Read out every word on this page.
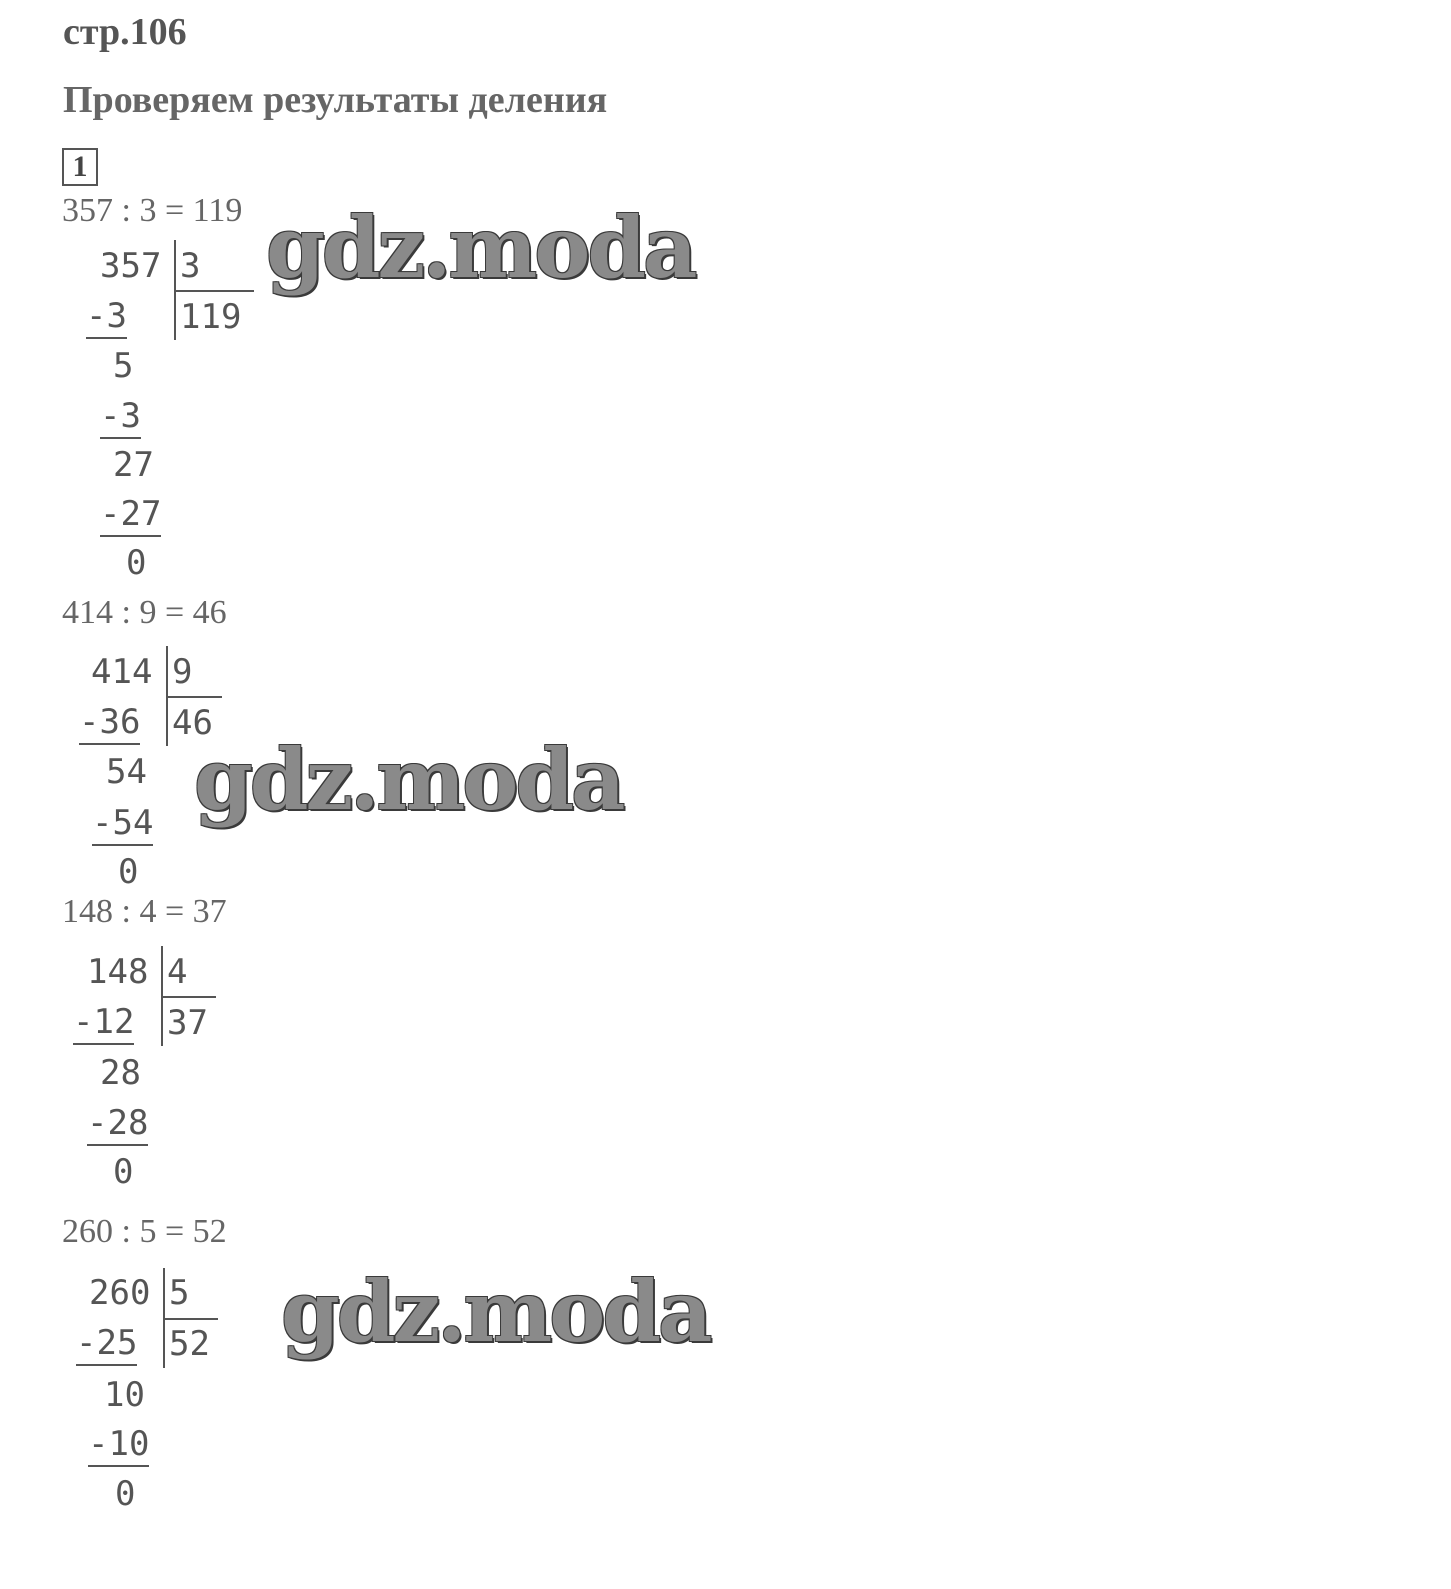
стр.106
Проверяем результаты деления
1
357 : 3 = 119
357 3
119
-3
5
-3
27
-27
0
414 : 9 = 46
414 9
46
-36
54
-54
0
148 : 4 = 37
148 4
37
-12
28
-28
0
260 : 5 = 52
260 5
52
-25
10
-10
0
gdz.moda
gdz.moda
gdz.moda
